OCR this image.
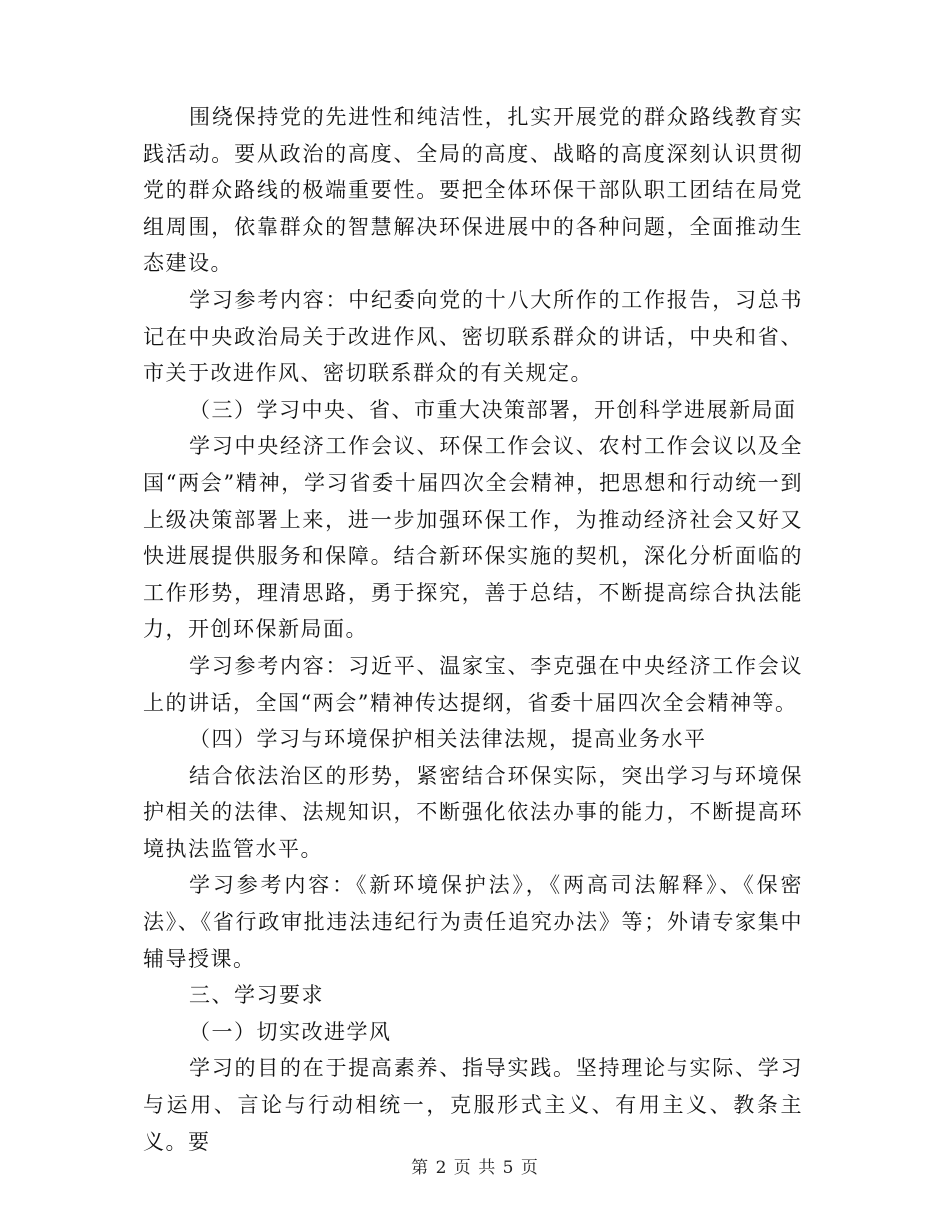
围绕保持党的先进性和纯洁性，扎实开展党的群众路线教育实践活动。要从政治的高度、全局的高度、战略的高度深刻认识贯彻党的群众路线的极端重要性。要把全体环保干部队职工团结在局党组周围，依靠群众的智慧解决环保进展中的各种问题，全面推动生态建设。

学习参考内容：中纪委向党的十八大所作的工作报告，习总书记在中央政治局关于改进作风、密切联系群众的讲话，中央和省、市关于改进作风、密切联系群众的有关规定。

（三）学习中央、省、市重大决策部署，开创科学进展新局面

学习中央经济工作会议、环保工作会议、农村工作会议以及全国“两会”精神，学习省委十届四次全会精神，把思想和行动统一到上级决策部署上来，进一步加强环保工作，为推动经济社会又好又快进展提供服务和保障。结合新环保实施的契机，深化分析面临的工作形势，理清思路，勇于探究，善于总结，不断提高综合执法能力，开创环保新局面。

学习参考内容：习近平、温家宝、李克强在中央经济工作会议上的讲话，全国“两会”精神传达提纲，省委十届四次全会精神等。

（四）学习与环境保护相关法律法规，提高业务水平

结合依法治区的形势，紧密结合环保实际，突出学习与环境保护相关的法律、法规知识，不断强化依法办事的能力，不断提高环境执法监管水平。

学习参考内容：《新环境保护法》，《两高司法解释》、《保密法》、《省行政审批违法违纪行为责任追究办法》等；外请专家集中辅导授课。

三、学习要求

（一）切实改进学风

学习的目的在于提高素养、指导实践。坚持理论与实际、学习与运用、言论与行动相统一，克服形式主义、有用主义、教条主义。要

第 2 页 共 5 页
